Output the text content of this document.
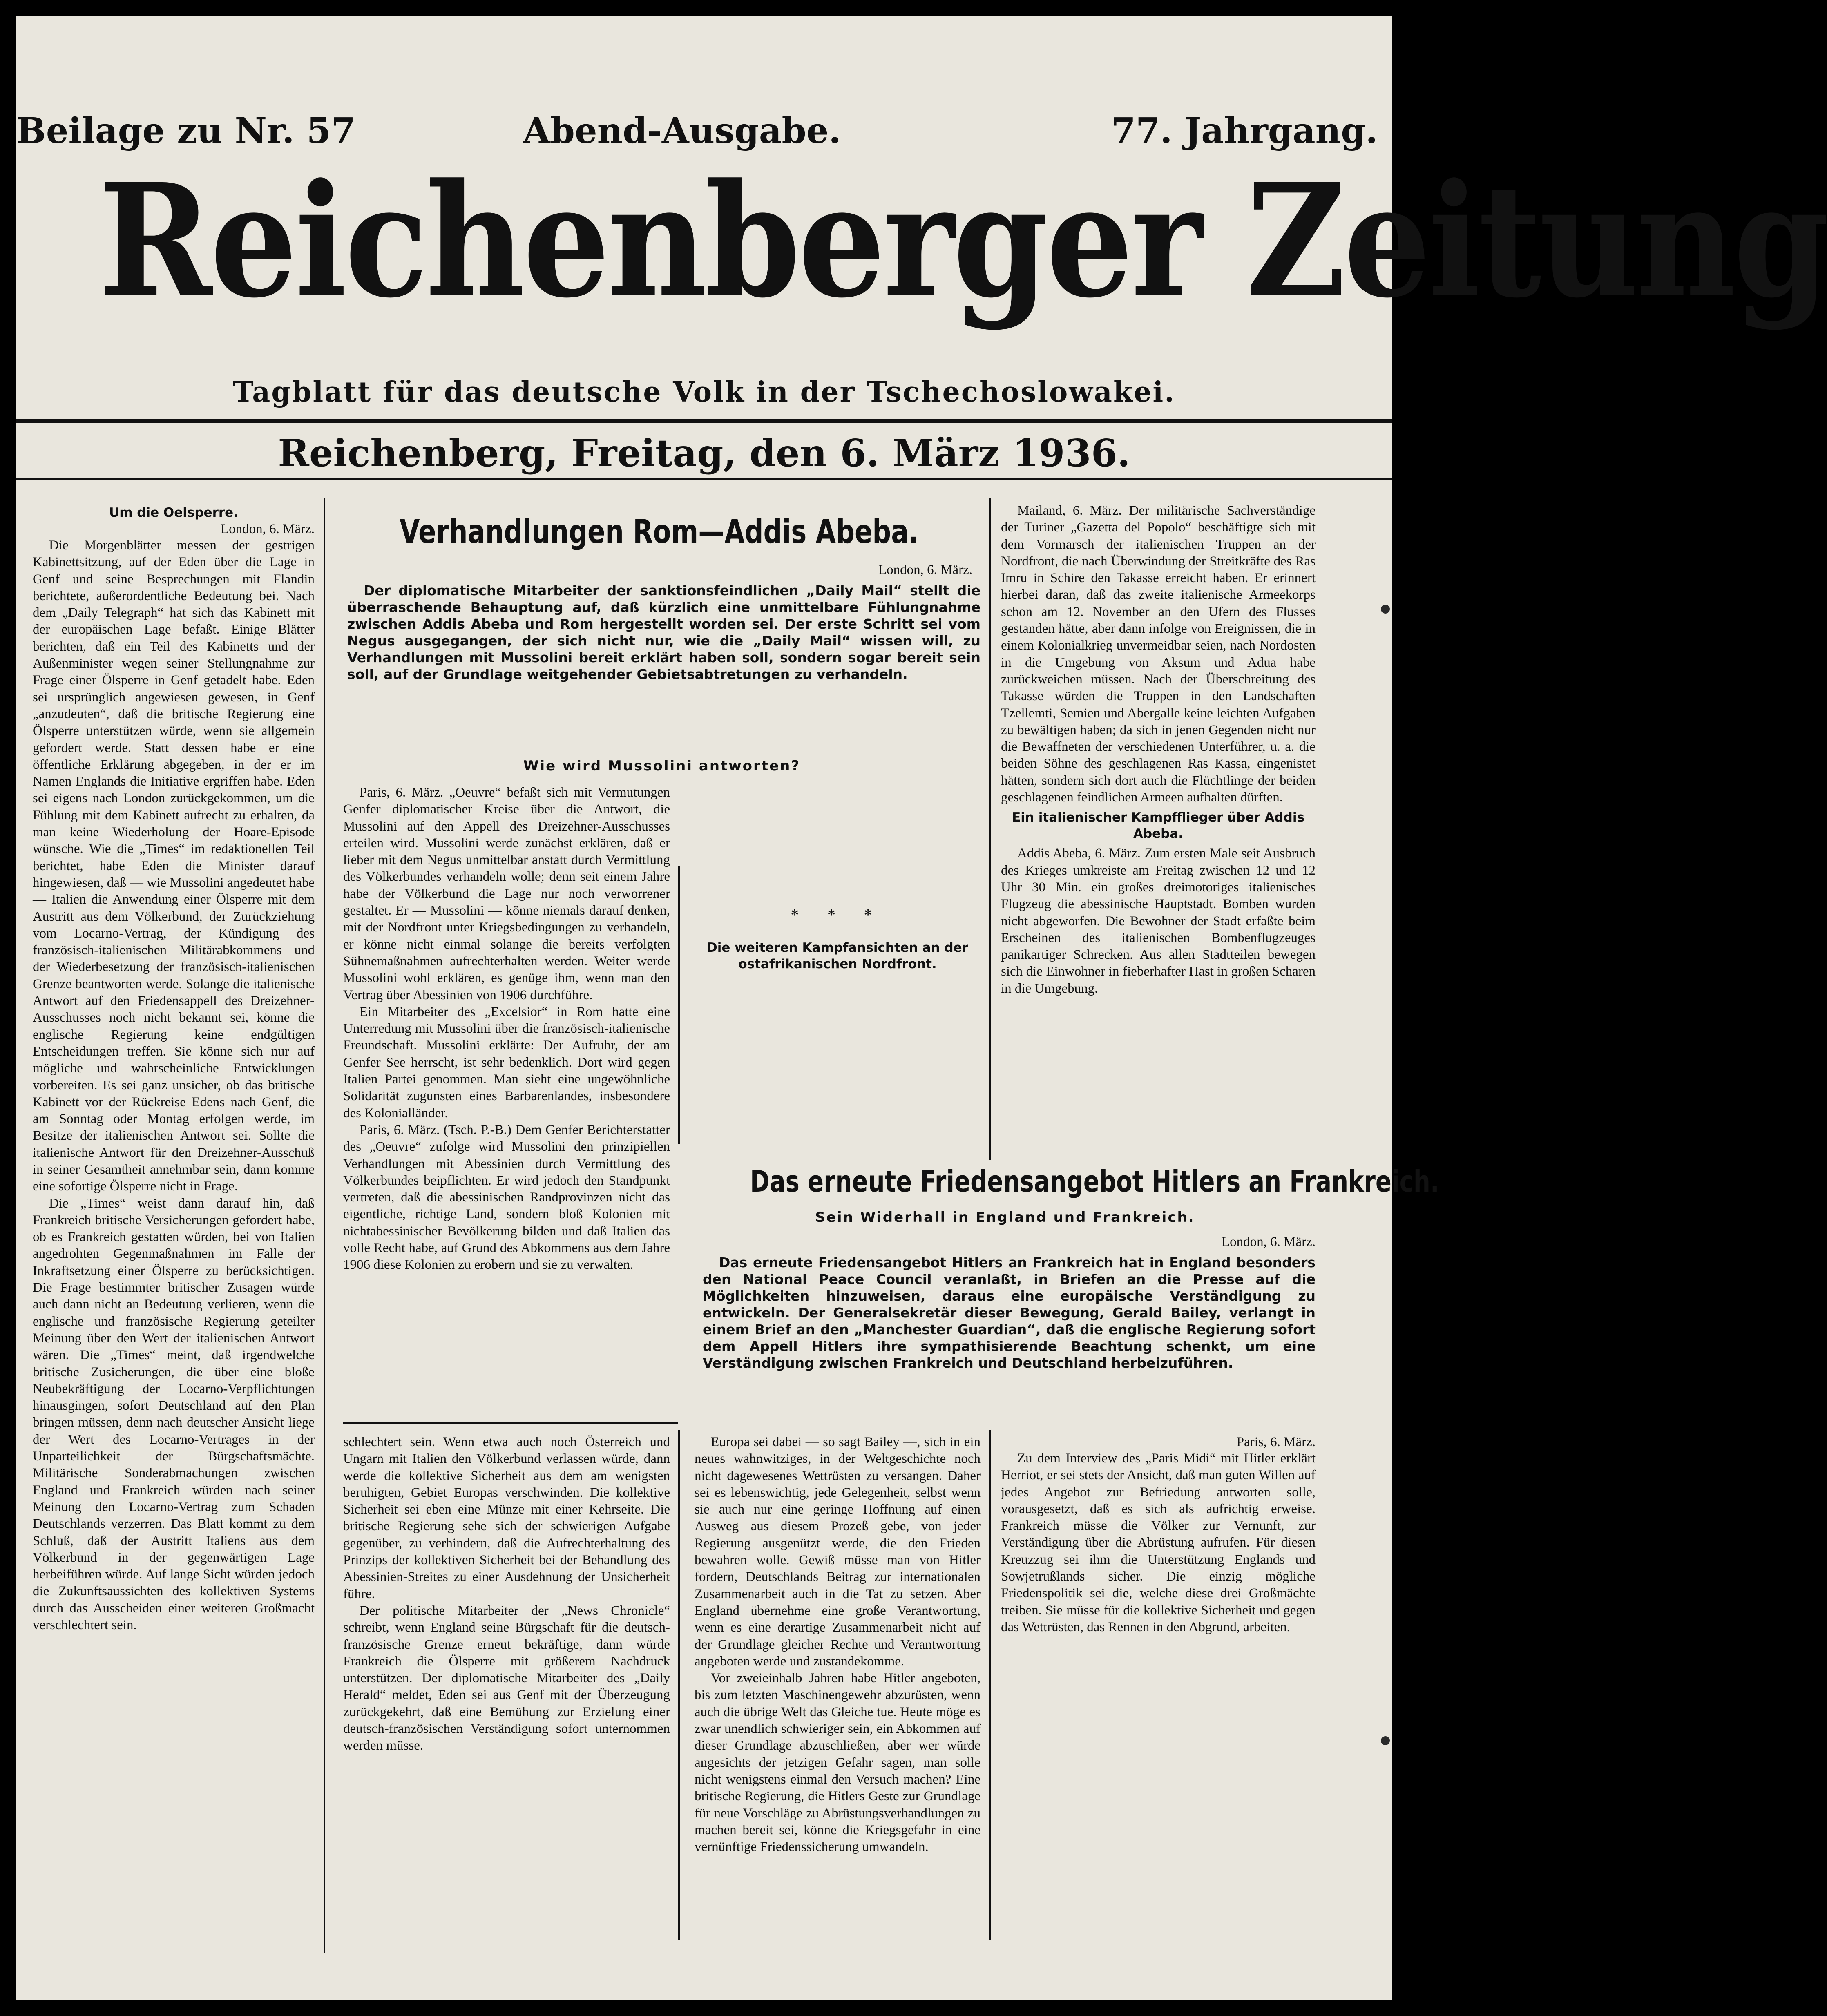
Beilage zu Nr. 57	Abend-Ausgabe.	77. Jahrgang.
Reichenberger Zeitung
Tagblatt für das deutsche Volk in der Tschechoslowakei.
Reichenberg, Freitag, den 6. März 1936.
Um die Oelsperre.
London, 6. März.

Die Morgenblätter messen der gestrigen Kabinettsitzung, auf der Eden über die Lage in Genf und seine Besprechungen mit Flandin berichtete, außerordentliche Bedeutung bei. Nach dem „Daily Telegraph“ hat sich das Kabinett mit der europäischen Lage befaßt. Einige Blätter berichten, daß ein Teil des Kabinetts und der Außenminister wegen seiner Stellungnahme zur Frage einer Ölsperre in Genf getadelt habe. Eden sei ursprünglich angewiesen gewesen, in Genf „anzudeuten“, daß die britische Regierung eine Ölsperre unterstützen würde, wenn sie allgemein gefordert werde. Statt dessen habe er eine öffentliche Erklärung abgegeben, in der er im Namen Englands die Initiative ergriffen habe. Eden sei eigens nach London zurückgekommen, um die Fühlung mit dem Kabinett aufrecht zu erhalten, da man keine Wiederholung der Hoare-Episode wünsche. Wie die „Times“ im redaktionellen Teil berichtet, habe Eden die Minister darauf hingewiesen, daß — wie Mussolini angedeutet habe — Italien die Anwendung einer Ölsperre mit dem Austritt aus dem Völkerbund, der Zurückziehung vom Locarno-Vertrag, der Kündigung des französisch-italienischen Militärabkommens und der Wiederbesetzung der französisch-italienischen Grenze beantworten werde. Solange die italienische Antwort auf den Friedensappell des Dreizehner-Ausschusses noch nicht bekannt sei, könne die englische Regierung keine endgültigen Entscheidungen treffen. Sie könne sich nur auf mögliche und wahrscheinliche Entwicklungen vorbereiten. Es sei ganz unsicher, ob das britische Kabinett vor der Rückreise Edens nach Genf, die am Sonntag oder Montag erfolgen werde, im Besitze der italienischen Antwort sei. Sollte die italienische Antwort für den Dreizehner-Ausschuß in seiner Gesamtheit annehmbar sein, dann komme eine sofortige Ölsperre nicht in Frage.

Die „Times“ weist dann darauf hin, daß Frankreich britische Versicherungen gefordert habe, ob es Frankreich gestatten würden, bei von Italien angedrohten Gegenmaßnahmen im Falle der Inkraftsetzung einer Ölsperre zu berücksichtigen. Die Frage bestimmter britischer Zusagen würde auch dann nicht an Bedeutung verlieren, wenn die englische und französische Regierung geteilter Meinung über den Wert der italienischen Antwort wären. Die „Times“ meint, daß irgendwelche britische Zusicherungen, die über eine bloße Neubekräftigung der Locarno-Verpflichtungen hinausgingen, sofort Deutschland auf den Plan bringen müssen, denn nach deutscher Ansicht liege der Wert des Locarno-Vertrages in der Unparteilichkeit der Bürgschaftsmächte. Militärische Sonderabmachungen zwischen England und Frankreich würden nach seiner Meinung den Locarno-Vertrag zum Schaden Deutschlands verzerren. Das Blatt kommt zu dem Schluß, daß der Austritt Italiens aus dem Völkerbund in der gegenwärtigen Lage herbeiführen würde. Auf lange Sicht würden jedoch die Zukunftsaussichten des kollektiven Systems durch das Ausscheiden einer weiteren Großmacht verschlechtert sein.

Verhandlungen Rom—Addis Abeba.
London, 6. März.

Der diplomatische Mitarbeiter der sanktionsfeindlichen „Daily Mail“ stellt die überraschende Behauptung auf, daß kürzlich eine unmittelbare Fühlungnahme zwischen Addis Abeba und Rom hergestellt worden sei. Der erste Schritt sei vom Negus ausgegangen, der sich nicht nur, wie die „Daily Mail“ wissen will, zu Verhandlungen mit Mussolini bereit erklärt haben soll, sondern sogar bereit sein soll, auf der Grundlage weitgehender Gebietsabtretungen zu verhandeln.

Wie wird Mussolini antworten?

Paris, 6. März. „Oeuvre“ befaßt sich mit Vermutungen Genfer diplomatischer Kreise über die Antwort, die Mussolini auf den Appell des Dreizehner-Ausschusses erteilen wird. Mussolini werde zunächst erklären, daß er lieber mit dem Negus unmittelbar anstatt durch Vermittlung des Völkerbundes verhandeln wolle; denn seit einem Jahre habe der Völkerbund die Lage nur noch verworrener gestaltet. Er — Mussolini — könne niemals darauf denken, mit der Nordfront unter Kriegsbedingungen zu verhandeln, er könne nicht einmal solange die bereits verfolgten Sühnemaßnahmen aufrechterhalten werden. Weiter werde Mussolini wohl erklären, es genüge ihm, wenn man den Vertrag über Abessinien von 1906 durchführe.

Ein Mitarbeiter des „Excelsior“ in Rom hatte eine Unterredung mit Mussolini über die französisch-italienische Freundschaft. Mussolini erklärte: Der Aufruhr, der am Genfer See herrscht, ist sehr bedenklich. Dort wird gegen Italien Partei genommen. Man sieht eine ungewöhnliche Solidarität zugunsten eines Barbarenlandes, insbesondere des Kolonialländer.

Paris, 6. März. (Tsch. P.-B.) Dem Genfer Berichterstatter des „Oeuvre“ zufolge wird Mussolini den prinzipiellen Verhandlungen mit Abessinien durch Vermittlung des Völkerbundes beipflichten. Er wird jedoch den Standpunkt vertreten, daß die abessinischen Randprovinzen nicht das eigentliche, richtige Land, sondern bloß Kolonien mit nichtabessinischer Bevölkerung bilden und daß Italien das volle Recht habe, auf Grund des Abkommens aus dem Jahre 1906 diese Kolonien zu erobern und sie zu verwalten.

* * *
Die weiteren Kampfansichten an der ostafrikanischen Nordfront.

Mailand, 6. März. Der militärische Sachverständige der Turiner „Gazetta del Popolo“ beschäftigte sich mit dem Vormarsch der italienischen Truppen an der Nordfront, die nach Überwindung der Streitkräfte des Ras Imru in Schire den Takasse erreicht haben. Er erinnert hierbei daran, daß das zweite italienische Armeekorps schon am 12. November an den Ufern des Flusses gestanden hätte, aber dann infolge von Ereignissen, die in einem Kolonialkrieg unvermeidbar seien, nach Nordosten in die Umgebung von Aksum und Adua habe zurückweichen müssen. Nach der Überschreitung des Takasse würden die Truppen in den Landschaften Tzellemti, Semien und Abergalle keine leichten Aufgaben zu bewältigen haben; da sich in jenen Gegenden nicht nur die Bewaffneten der verschiedenen Unterführer, u. a. die beiden Söhne des geschlagenen Ras Kassa, eingenistet hätten, sondern sich dort auch die Flüchtlinge der beiden geschlagenen feindlichen Armeen aufhalten dürften.

Ein italienischer Kampfflieger über Addis Abeba.

Addis Abeba, 6. März. Zum ersten Male seit Ausbruch des Krieges umkreiste am Freitag zwischen 12 und 12 Uhr 30 Min. ein großes dreimotoriges italienisches Flugzeug die abessinische Hauptstadt. Bomben wurden nicht abgeworfen. Die Bewohner der Stadt erfaßte beim Erscheinen des italienischen Bombenflugzeuges panikartiger Schrecken. Aus allen Stadtteilen bewegen sich die Einwohner in fieberhafter Hast in großen Scharen in die Umgebung.

Das erneute Friedensangebot Hitlers an Frankreich.
Sein Widerhall in England und Frankreich.
London, 6. März.

Das erneute Friedensangebot Hitlers an Frankreich hat in England besonders den National Peace Council veranlaßt, in Briefen an die Presse auf die Möglichkeiten hinzuweisen, daraus eine europäische Verständigung zu entwickeln. Der Generalsekretär dieser Bewegung, Gerald Bailey, verlangt in einem Brief an den „Manchester Guardian“, daß die englische Regierung sofort dem Appell Hitlers ihre sympathisierende Beachtung schenkt, um eine Verständigung zwischen Frankreich und Deutschland herbeizuführen.

schlechtert sein. Wenn etwa auch noch Österreich und Ungarn mit Italien den Völkerbund verlassen würde, dann werde die kollektive Sicherheit aus dem am wenigsten beruhigten, Gebiet Europas verschwinden. Die kollektive Sicherheit sei eben eine Münze mit einer Kehrseite. Die britische Regierung sehe sich der schwierigen Aufgabe gegenüber, zu verhindern, daß die Aufrechterhaltung des Prinzips der kollektiven Sicherheit bei der Behandlung des Abessinien-Streites zu einer Ausdehnung der Unsicherheit führe.

Der politische Mitarbeiter der „News Chronicle“ schreibt, wenn England seine Bürgschaft für die deutsch-französische Grenze erneut bekräftige, dann würde Frankreich die Ölsperre mit größerem Nachdruck unterstützen. Der diplomatische Mitarbeiter des „Daily Herald“ meldet, Eden sei aus Genf mit der Überzeugung zurückgekehrt, daß eine Bemühung zur Erzielung einer deutsch-französischen Verständigung sofort unternommen werden müsse.

Europa sei dabei — so sagt Bailey —, sich in ein neues wahnwitziges, in der Weltgeschichte noch nicht dagewesenes Wettrüsten zu versangen. Daher sei es lebenswichtig, jede Gelegenheit, selbst wenn sie auch nur eine geringe Hoffnung auf einen Ausweg aus diesem Prozeß gebe, von jeder Regierung ausgenützt werde, die den Frieden bewahren wolle. Gewiß müsse man von Hitler fordern, Deutschlands Beitrag zur internationalen Zusammenarbeit auch in die Tat zu setzen. Aber England übernehme eine große Verantwortung, wenn es eine derartige Zusammenarbeit nicht auf der Grundlage gleicher Rechte und Verantwortung angeboten werde und zustandekomme.

Vor zweieinhalb Jahren habe Hitler angeboten, bis zum letzten Maschinengewehr abzurüsten, wenn auch die übrige Welt das Gleiche tue. Heute möge es zwar unendlich schwieriger sein, ein Abkommen auf dieser Grundlage abzuschließen, aber wer würde angesichts der jetzigen Gefahr sagen, man solle nicht wenigstens einmal den Versuch machen? Eine britische Regierung, die Hitlers Geste zur Grundlage für neue Vorschläge zu Abrüstungsverhandlungen zu machen bereit sei, könne die Kriegsgefahr in eine vernünftige Friedenssicherung umwandeln.

Paris, 6. März.

Zu dem Interview des „Paris Midi“ mit Hitler erklärt Herriot, er sei stets der Ansicht, daß man guten Willen auf jedes Angebot zur Befriedung antworten solle, vorausgesetzt, daß es sich als aufrichtig erweise. Frankreich müsse die Völker zur Vernunft, zur Verständigung über die Abrüstung aufrufen. Für diesen Kreuzzug sei ihm die Unterstützung Englands und Sowjetrußlands sicher. Die einzig mögliche Friedenspolitik sei die, welche diese drei Großmächte treiben. Sie müsse für die kollektive Sicherheit und gegen das Wettrüsten, das Rennen in den Abgrund, arbeiten.
